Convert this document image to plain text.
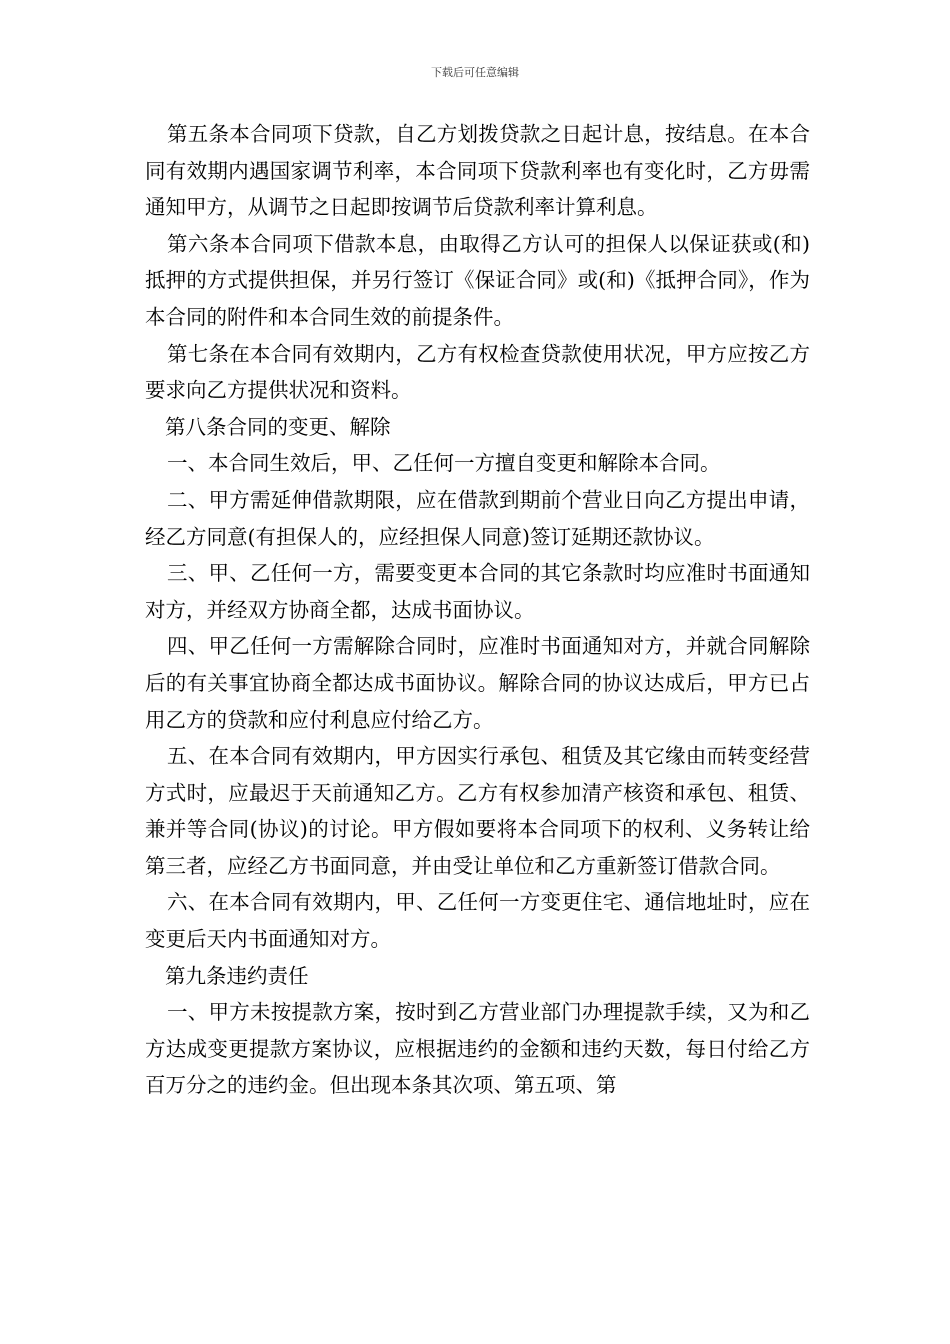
下载后可任意编辑

第五条本合同项下贷款，自乙方划拨贷款之日起计息，按结息。在本合同有效期内遇国家调节利率，本合同项下贷款利率也有变化时，乙方毋需通知甲方，从调节之日起即按调节后贷款利率计算利息。

第六条本合同项下借款本息，由取得乙方认可的担保人以保证获或(和)抵押的方式提供担保，并另行签订《保证合同》或(和)《抵押合同》，作为本合同的附件和本合同生效的前提条件。

第七条在本合同有效期内，乙方有权检查贷款使用状况，甲方应按乙方要求向乙方提供状况和资料。

第八条合同的变更、解除

一、本合同生效后，甲、乙任何一方擅自变更和解除本合同。

二、甲方需延伸借款期限，应在借款到期前个营业日向乙方提出申请，经乙方同意(有担保人的，应经担保人同意)签订延期还款协议。

三、甲、乙任何一方，需要变更本合同的其它条款时均应准时书面通知对方，并经双方协商全都，达成书面协议。

四、甲乙任何一方需解除合同时，应准时书面通知对方，并就合同解除后的有关事宜协商全都达成书面协议。解除合同的协议达成后，甲方已占用乙方的贷款和应付利息应付给乙方。

五、在本合同有效期内，甲方因实行承包、租赁及其它缘由而转变经营方式时，应最迟于天前通知乙方。乙方有权参加清产核资和承包、租赁、兼并等合同(协议)的讨论。甲方假如要将本合同项下的权利、义务转让给第三者，应经乙方书面同意，并由受让单位和乙方重新签订借款合同。

六、在本合同有效期内，甲、乙任何一方变更住宅、通信地址时，应在变更后天内书面通知对方。

第九条违约责任

一、甲方未按提款方案，按时到乙方营业部门办理提款手续，又为和乙方达成变更提款方案协议，应根据违约的金额和违约天数，每日付给乙方百万分之的违约金。但出现本条其次项、第五项、第
